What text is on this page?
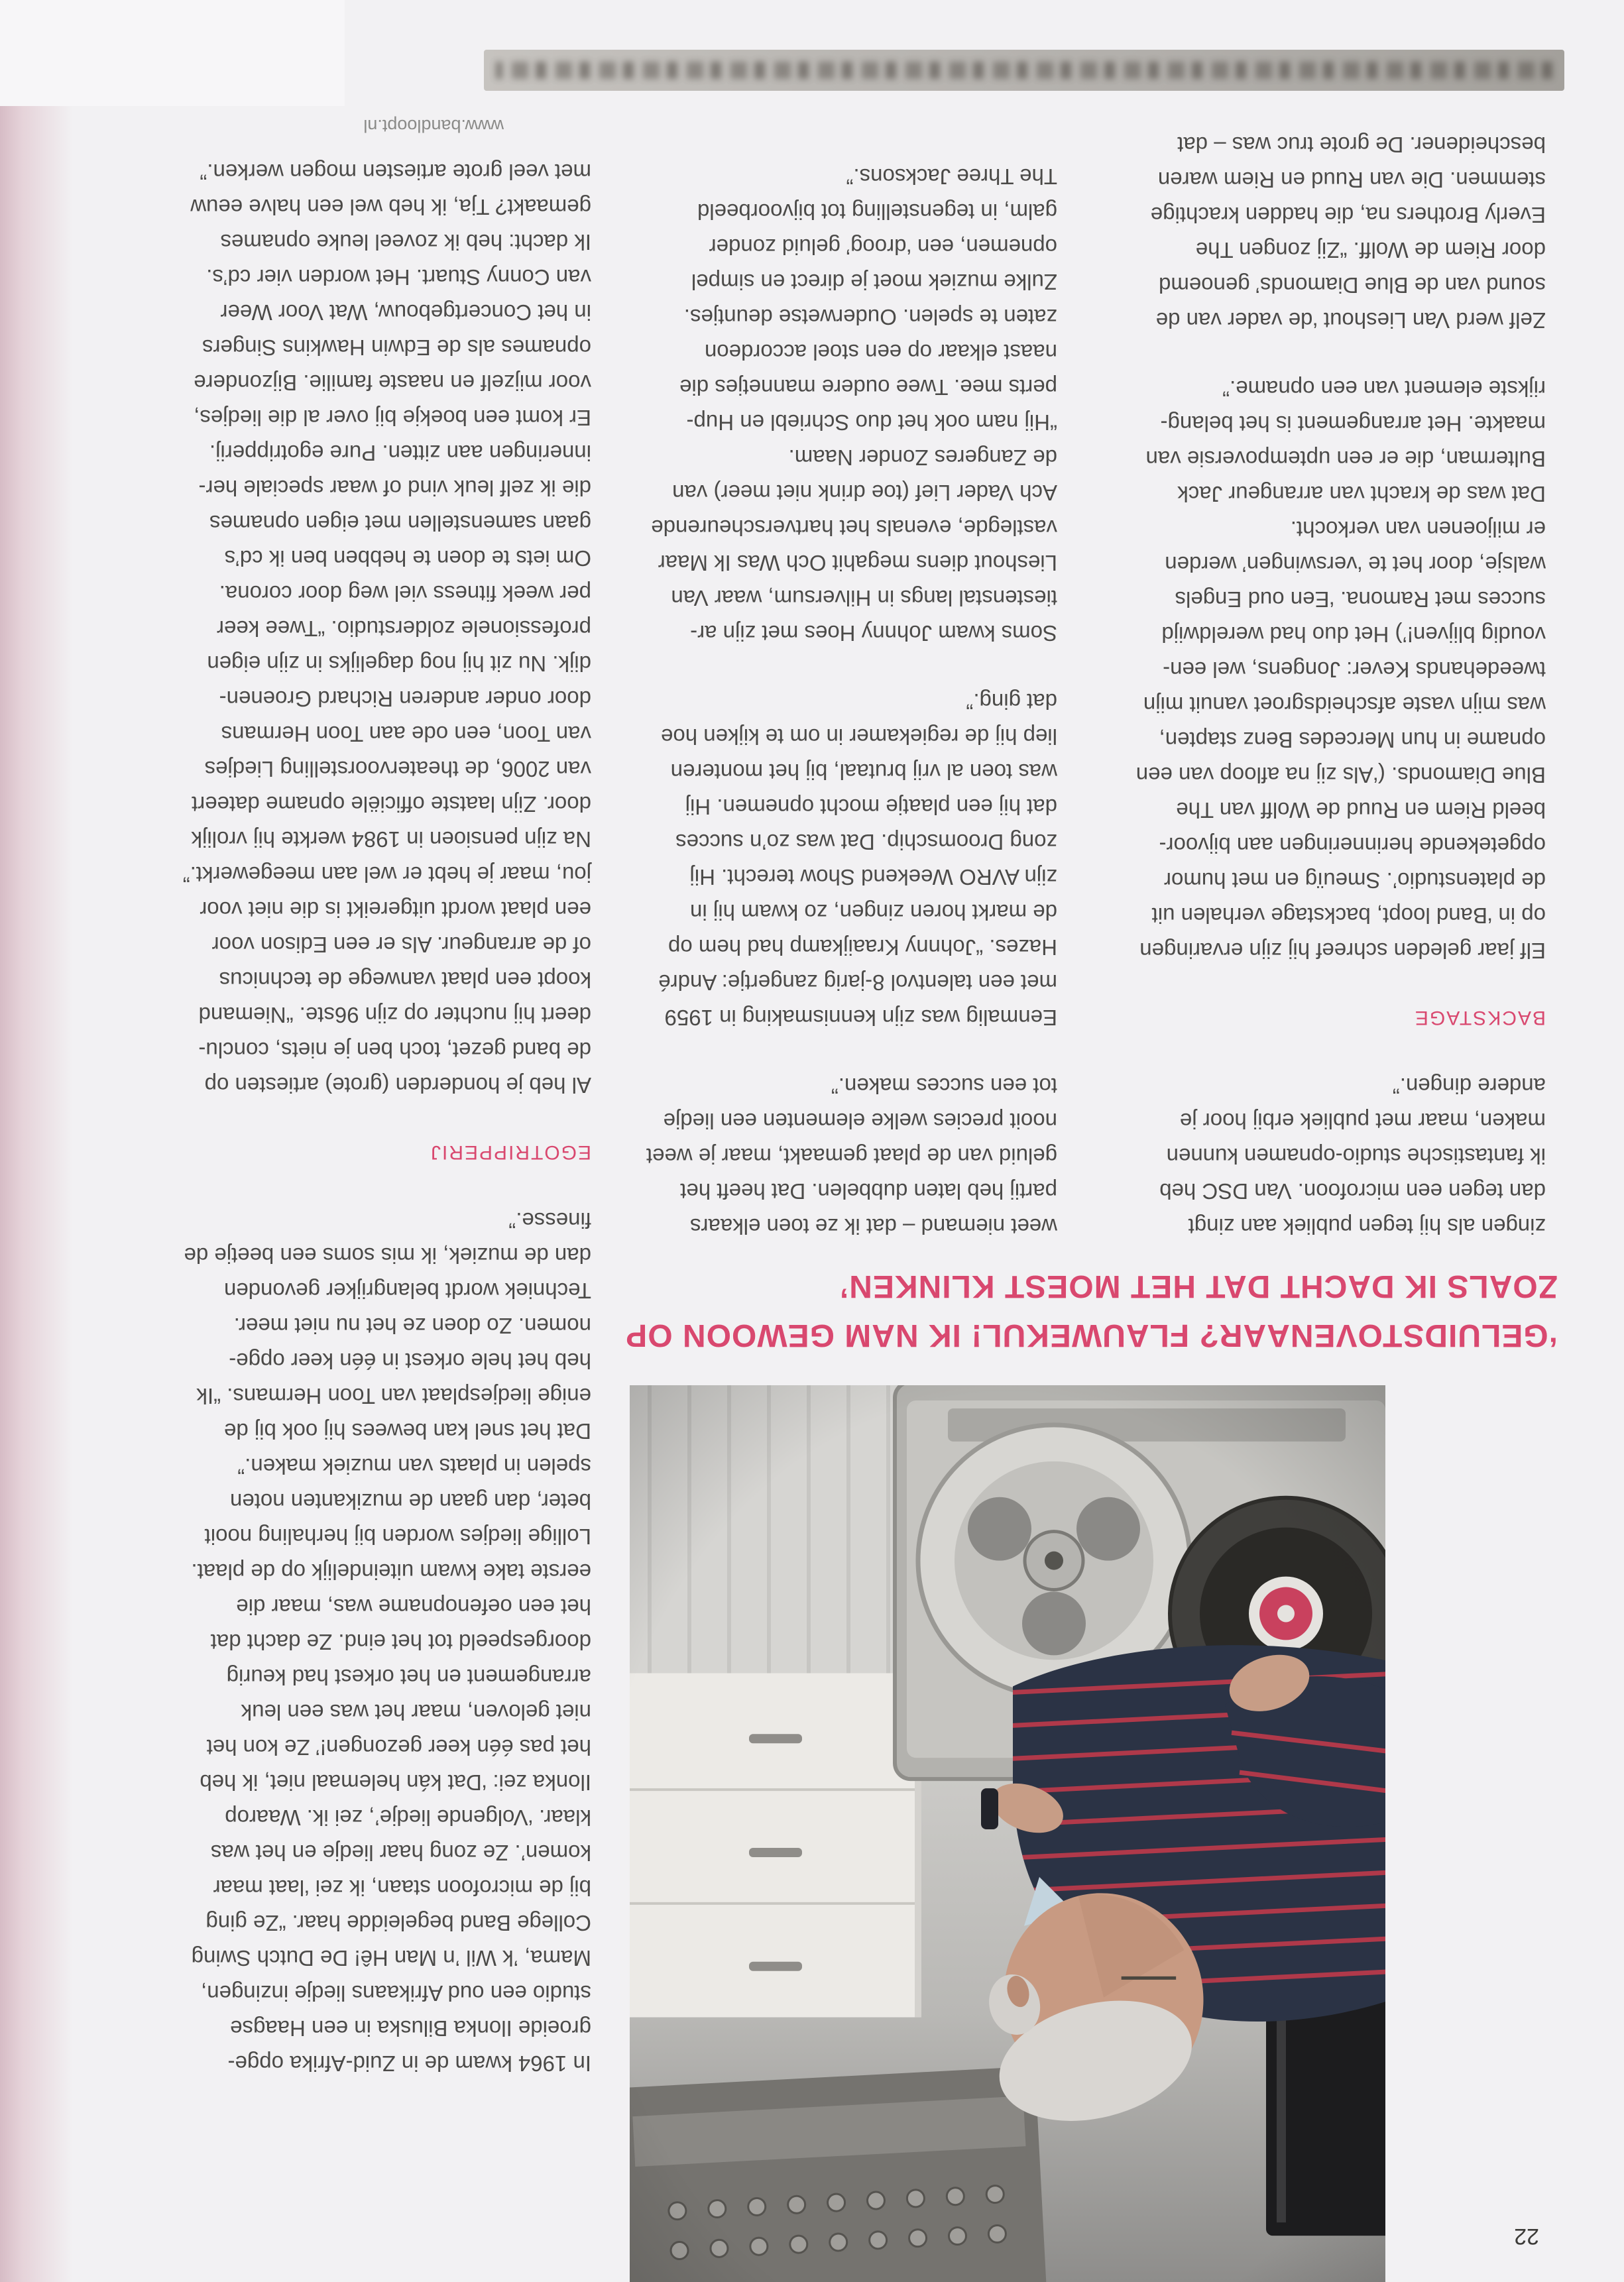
22
‘GELUIDSTOVENAAR? FLAUWEKUL! IK NAM GEWOON OP
ZOALS IK DACHT DAT HET MOEST KLINKEN’

zingen als hij tegen publiek aan zingt
dan tegen een microfoon. Van DSC heb
ik fantastische studio-opnamen kunnen
maken, maar met publiek erbij hoor je
andere dingen.”

BACKSTAGE

Elf jaar geleden schreef hij zijn ervaringen
op in ‘Band loopt, backstage verhalen uit
de platenstudio’. Smeuïg en met humor
opgetekende herinneringen aan bijvoor-
beeld Riem en Ruud de Wolff van The
Blue Diamonds. (‘Als zij na afloop van een
opname in hun Mercedes Benz stapten,
was mijn vaste afscheidsgroet vanuit mijn
tweedehands Kever: Jongens, wel een-
voudig blijven!’) Het duo had wereldwijd
succes met Ramona. ‘Een oud Engels
walsje, door het te ‘verswingen’ werden
er miljoenen van verkocht.
Dat was de kracht van arrangeur Jack
Bulterman, die er een uptempoversie van
maakte. Het arrangement is het belang-
rijkste element van een opname.”

Zelf werd Van Lieshout ‘de vader van de
sound van de Blue Diamonds’ genoemd
door Riem de Wolff. “Zij zongen The
Everly Brothers na, die hadden krachtige
stemmen. Die van Ruud en Riem waren
bescheidener. De grote truc was – dat

weet niemand – dat ik ze toen elkaars
partij heb laten dubbelen. Dat heeft het
geluid van de plaat gemaakt, maar je weet
nooit precies welke elementen een liedje
tot een succes maken.”

Eenmalig was zijn kennismaking in 1959
met een talentvol 8-jarig zangertje: André
Hazes. “Johnny Kraaijkamp had hem op
de markt horen zingen, zo kwam hij in
zijn AVRO Weekend Show terecht. Hij
zong Droomschip. Dat was zo’n succes
dat hij een plaatje mocht opnemen. Hij
was toen al vrij brutaal, bij het monteren
liep hij de regiekamer in om te kijken hoe
dat ging.”

Soms kwam Johnny Hoes met zijn ar-
tiestenstal langs in Hilversum, waar Van
Lieshout diens megahit Och Was Ik Maar
vastlegde, evenals het hartverscheurende
Ach Vader Lief (toe drink niet meer) van
de Zangeres Zonder Naam.
“Hij nam ook het duo Schriebl en Hup-
perts mee. Twee oudere mannetjes die
naast elkaar op een stoel accordeon
zaten te spelen. Ouderwetse deuntjes.
Zulke muziek moet je direct en simpel
opnemen, een ‘droog’ geluid zonder
galm, in tegenstelling tot bijvoorbeeld
The Three Jacksons.”

In 1964 kwam de in Zuid-Afrika opge-
groeide Ilonka Biluska in een Haagse
studio een oud Afrikaans liedje inzingen,
Mama, ’k Wil ’n Man Hê! De Dutch Swing
College Band begeleidde haar. “Ze ging
bij de microfoon staan, ik zei ‘laat maar
komen’. Ze zong haar liedje en het was
klaar. ‘Volgende liedje’, zei ik. Waarop
Ilonka zei: ‘Dat kán helemaal niet, ik heb
het pas één keer gezongen!’ Ze kon het
niet geloven, maar het was een leuk
arrangement en het orkest had keurig
doorgespeeld tot het eind. Ze dacht dat
het een oefenopname was, maar die
eerste take kwam uiteindelijk op de plaat.
Lollige liedjes worden bij herhaling nooit
beter, dan gaan de muzikanten noten
spelen in plaats van muziek maken.”
Dat het snel kan bewees hij ook bij de
enige liedjesplaat van Toon Hermans. “Ik
heb het hele orkest in één keer opge-
nomen. Zo doen ze het nu niet meer.
Techniek wordt belangrijker gevonden
dan de muziek, ik mis soms een beetje de
finesse.”

EGOTRIPPERIJ

Al heb je honderden (grote) artiesten op
de band gezet, toch ben je niets, conclu-
deert hij nuchter op zijn 96ste. “Niemand
koopt een plaat vanwege de technicus
of de arrangeur. Als er een Edison voor
een plaat wordt uitgereikt is die niet voor
jou, maar je hebt er wel aan meegewerkt.”
Na zijn pensioen in 1984 werkte hij vrolijk
door. Zijn laatste officiële opname dateert
van 2006, de theatervoorstelling Liedjes
van Toon, een ode aan Toon Hermans
door onder anderen Richard Groenen-
dijk. Nu zit hij nog dagelijks in zijn eigen
professionele zolderstudio. “Twee keer
per week fitness viel weg door corona.
Om iets te doen te hebben ben ik cd’s
gaan samenstellen met eigen opnames
die ik zelf leuk vind of waar speciale her-
inneringen aan zitten. Pure egotripperij.
Er komt een boekje bij over al die liedjes,
voor mijzelf en naaste familie. Bijzondere
opnames als de Edwin Hawkins Singers
in het Concertgebouw, Wat Voor Weer
van Conny Stuart. Het worden vier cd’s.
Ik dacht: heb ik zoveel leuke opnames
gemaakt? Tja, ik heb wel een halve eeuw
met veel grote artiesten mogen werken.”

www.bandloopt.nl
